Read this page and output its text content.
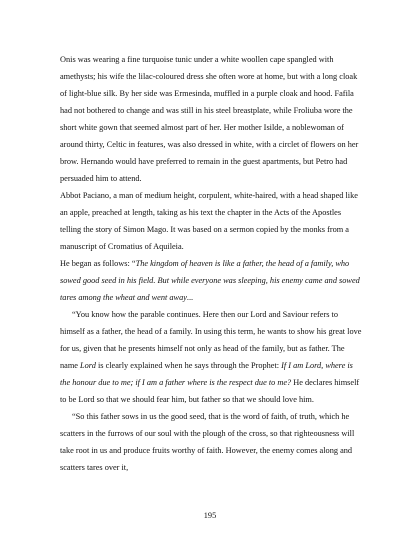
Onis was wearing a fine turquoise tunic under a white woollen cape spangled with amethysts; his wife the lilac-coloured dress she often wore at home, but with a long cloak of light-blue silk. By her side was Ermesinda, muffled in a purple cloak and hood. Fafila had not bothered to change and was still in his steel breastplate, while Froliuba wore the short white gown that seemed almost part of her. Her mother Isilde, a noblewoman of around thirty, Celtic in features, was also dressed in white, with a circlet of flowers on her brow. Hernando would have preferred to remain in the guest apartments, but Petro had persuaded him to attend.

Abbot Paciano, a man of medium height, corpulent, white-haired, with a head shaped like an apple, preached at length, taking as his text the chapter in the Acts of the Apostles telling the story of Simon Mago. It was based on a sermon copied by the monks from a manuscript of Cromatius of Aquileia.

He began as follows: “The kingdom of heaven is like a father, the head of a family, who sowed good seed in his field. But while everyone was sleeping, his enemy came and sowed tares among the wheat and went away...

“You know how the parable continues. Here then our Lord and Saviour refers to himself as a father, the head of a family. In using this term, he wants to show his great love for us, given that he presents himself not only as head of the family, but as father. The name Lord is clearly explained when he says through the Prophet: If I am Lord, where is the honour due to me; if I am a father where is the respect due to me? He declares himself to be Lord so that we should fear him, but father so that we should love him.

“So this father sows in us the good seed, that is the word of faith, of truth, which he scatters in the furrows of our soul with the plough of the cross, so that righteousness will take root in us and produce fruits worthy of faith. However, the enemy comes along and scatters tares over it,

195
